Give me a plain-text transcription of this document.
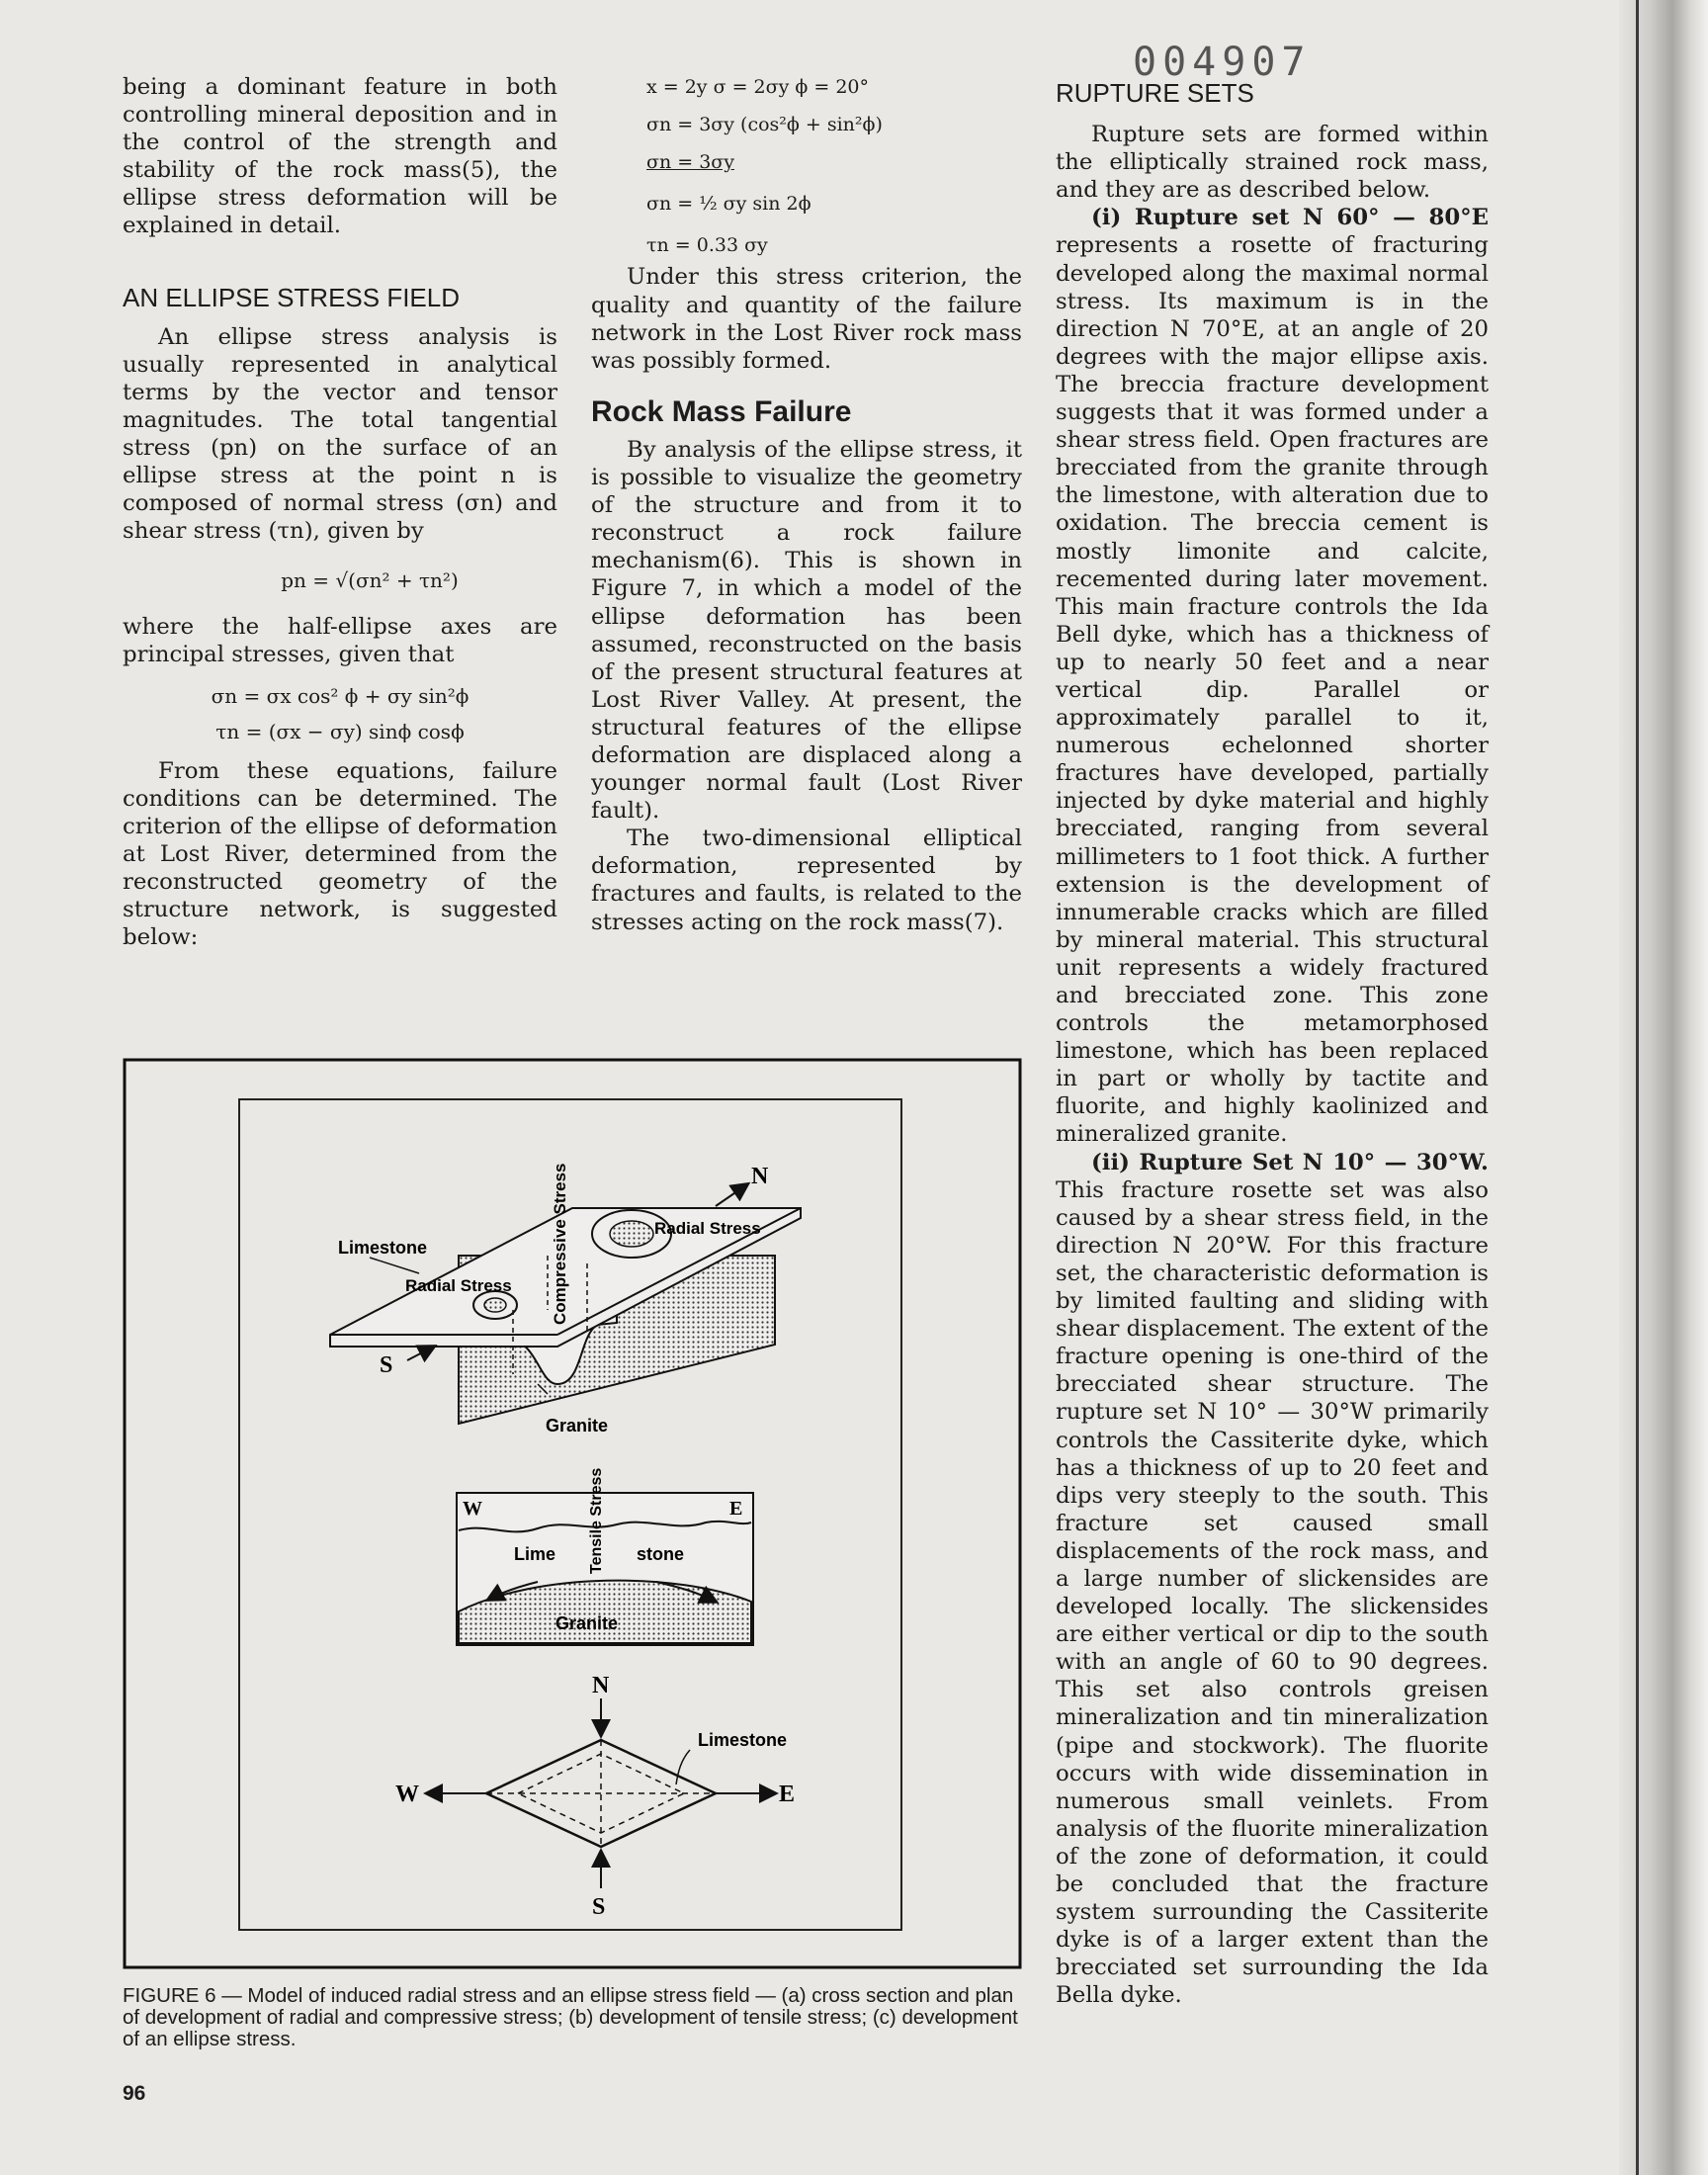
004907

being a dominant feature in both controlling mineral deposition and in the control of the strength and stability of the rock mass(5), the ellipse stress deformation will be explained in detail.

AN ELLIPSE STRESS FIELD

An ellipse stress analysis is usually represented in analytical terms by the vector and tensor magnitudes. The total tangential stress (pn) on the surface of an ellipse stress at the point n is composed of normal stress (σn) and shear stress (τn), given by

pn = √(σn² + τn²)

where the half-ellipse axes are principal stresses, given that

σn = σx cos² ϕ + σy sin²ϕ

τn = (σx − σy) sinϕ cosϕ

From these equations, failure conditions can be determined. The criterion of the ellipse of deformation at Lost River, determined from the reconstructed geometry of the structure network, is suggested below:

x = 2y σ = 2σy ϕ = 20°

σn = 3σy (cos²ϕ + sin²ϕ)

σn = 3σy

σn = ½ σy sin 2ϕ

τn = 0.33 σy

Under this stress criterion, the quality and quantity of the failure network in the Lost River rock mass was possibly formed.

Rock Mass Failure

By analysis of the ellipse stress, it is possible to visualize the geometry of the structure and from it to reconstruct a rock failure mechanism(6). This is shown in Figure 7, in which a model of the ellipse deformation has been assumed, reconstructed on the basis of the present structural features at Lost River Valley. At present, the structural features of the ellipse deformation are displaced along a younger normal fault (Lost River fault).

The two-dimensional elliptical deformation, represented by fractures and faults, is related to the stresses acting on the rock mass(7).

RUPTURE SETS

Rupture sets are formed within the elliptically strained rock mass, and they are as described below.

(i) Rupture set N 60° — 80°E represents a rosette of fracturing developed along the maximal normal stress. Its maximum is in the direction N 70°E, at an angle of 20 degrees with the major ellipse axis. The breccia fracture development suggests that it was formed under a shear stress field. Open fractures are brecciated from the granite through the limestone, with alteration due to oxidation. The breccia cement is mostly limonite and calcite, recemented during later movement. This main fracture controls the Ida Bell dyke, which has a thickness of up to nearly 50 feet and a near vertical dip. Parallel or approximately parallel to it, numerous echelonned shorter fractures have developed, partially injected by dyke material and highly brecciated, ranging from several millimeters to 1 foot thick. A further extension is the development of innumerable cracks which are filled by mineral material. This structural unit represents a widely fractured and brecciated zone. This zone controls the metamorphosed limestone, which has been replaced in part or wholly by tactite and fluorite, and highly kaolinized and mineralized granite.

(ii) Rupture Set N 10° — 30°W. This fracture rosette set was also caused by a shear stress field, in the direction N 20°W. For this fracture set, the characteristic deformation is by limited faulting and sliding with shear displacement. The extent of the fracture opening is one-third of the brecciated shear structure. The rupture set N 10° — 30°W primarily controls the Cassiterite dyke, which has a thickness of up to 20 feet and dips very steeply to the south. This fracture set caused small displacements of the rock mass, and a large number of slickensides are developed locally. The slickensides are either vertical or dip to the south with an angle of 60 to 90 degrees. This set also controls greisen mineralization and tin mineralization (pipe and stockwork). The fluorite occurs with wide dissemination in numerous small veinlets. From analysis of the fluorite mineralization of the zone of deformation, it could be concluded that the fracture system surrounding the Cassiterite dyke is of a larger extent than the brecciated set surrounding the Ida Bella dyke.

N
S
Limestone
Radial Stress
Radial Stress Compressive Stress
Granite
W	E
Lime	stone
Tensile Stress
Granite
N
S
W	E
Limestone
FIGURE 6 — Model of induced radial stress and an ellipse stress field — (a) cross section and plan of development of radial and compressive stress; (b) development of tensile stress; (c) development of an ellipse stress.
96
